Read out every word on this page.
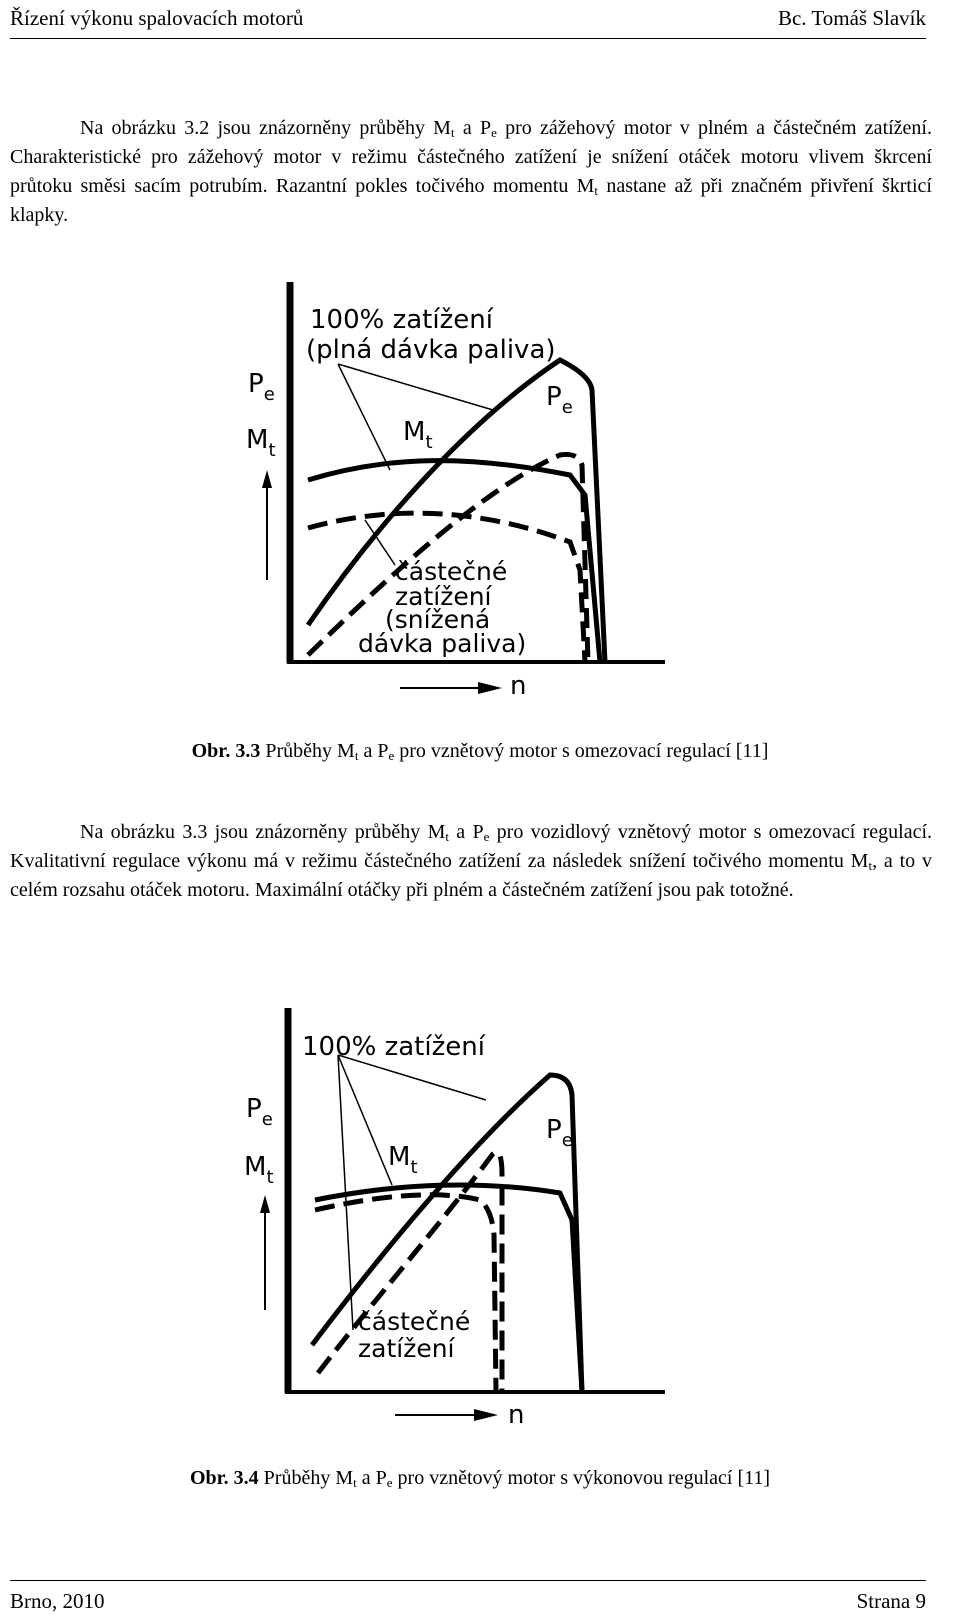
Řízení výkonu spalovacích motorů	Bc. Tomáš Slavík
Na obrázku 3.2 jsou znázorněny průběhy $M_t$ a $P_e$ pro zážehový motor v plném a částečném zatížení. Charakteristické pro zážehový motor v režimu částečného zatížení je snížení otáček motoru vlivem škrcení průtoku směsi sacím potrubím. Razantní pokles točivého momentu $M_t$ nastane až při značném přivření škrticí klapky.
100% zatížení
(plná dávka paliva)
$P_e$
$M_t$
$P_e$
$M_t$
částečné
zatížení
(snížená
dávka paliva)
n
Obr. 3.3 Průběhy $M_t$ a $P_e$ pro vznětový motor s omezovací regulací [11]
Na obrázku 3.3 jsou znázorněny průběhy $M_t$ a $P_e$ pro vozidlový vznětový motor s omezovací regulací. Kvalitativní regulace výkonu má v režimu částečného zatížení za následek snížení točivého momentu $M_t$, a to v celém rozsahu otáček motoru. Maximální otáčky při plném a částečném zatížení jsou pak totožné.
100% zatížení
$P_e$
$M_t$
$P_e$
$M_t$
částečné
zatížení
n
Obr. 3.4 Průběhy $M_t$ a $P_e$ pro vznětový motor s výkonovou regulací [11]
Brno, 2010	Strana 9
